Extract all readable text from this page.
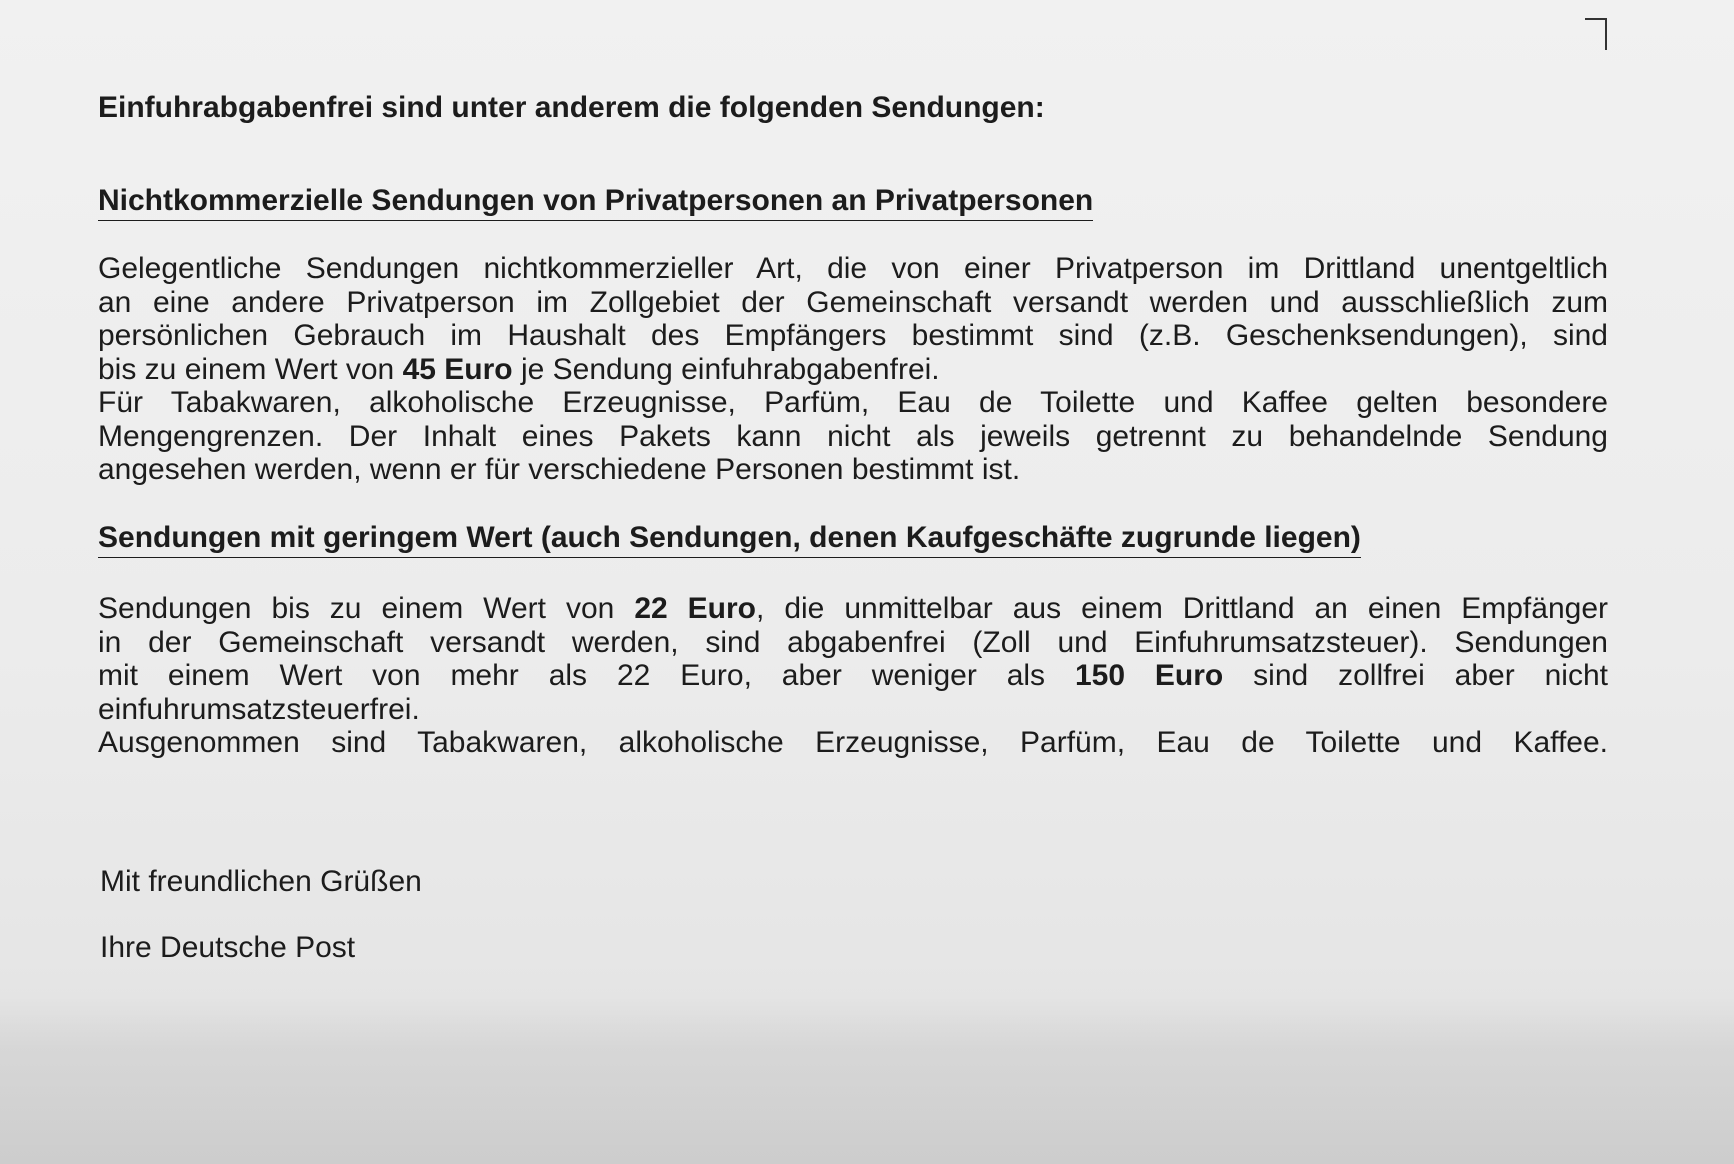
Einfuhrabgabenfrei sind unter anderem die folgenden Sendungen:
Nichtkommerzielle Sendungen von Privatpersonen an Privatpersonen
Gelegentliche Sendungen nichtkommerzieller Art, die von einer Privatperson im Drittland unentgeltlich
an eine andere Privatperson im Zollgebiet der Gemeinschaft versandt werden und ausschließlich zum
persönlichen Gebrauch im Haushalt des Empfängers bestimmt sind (z.B. Geschenksendungen), sind
bis zu einem Wert von 45 Euro je Sendung einfuhrabgabenfrei.
Für Tabakwaren, alkoholische Erzeugnisse, Parfüm, Eau de Toilette und Kaffee gelten besondere
Mengengrenzen. Der Inhalt eines Pakets kann nicht als jeweils getrennt zu behandelnde Sendung
angesehen werden, wenn er für verschiedene Personen bestimmt ist.
Sendungen mit geringem Wert (auch Sendungen, denen Kaufgeschäfte zugrunde liegen)
Sendungen bis zu einem Wert von 22 Euro, die unmittelbar aus einem Drittland an einen Empfänger
in der Gemeinschaft versandt werden, sind abgabenfrei (Zoll und Einfuhrumsatzsteuer). Sendungen
mit einem Wert von mehr als 22 Euro, aber weniger als 150 Euro sind zollfrei aber nicht
einfuhrumsatzsteuerfrei.
Ausgenommen sind Tabakwaren, alkoholische Erzeugnisse, Parfüm, Eau de Toilette und Kaffee.

Mit freundlichen Grüßen

Ihre Deutsche Post
